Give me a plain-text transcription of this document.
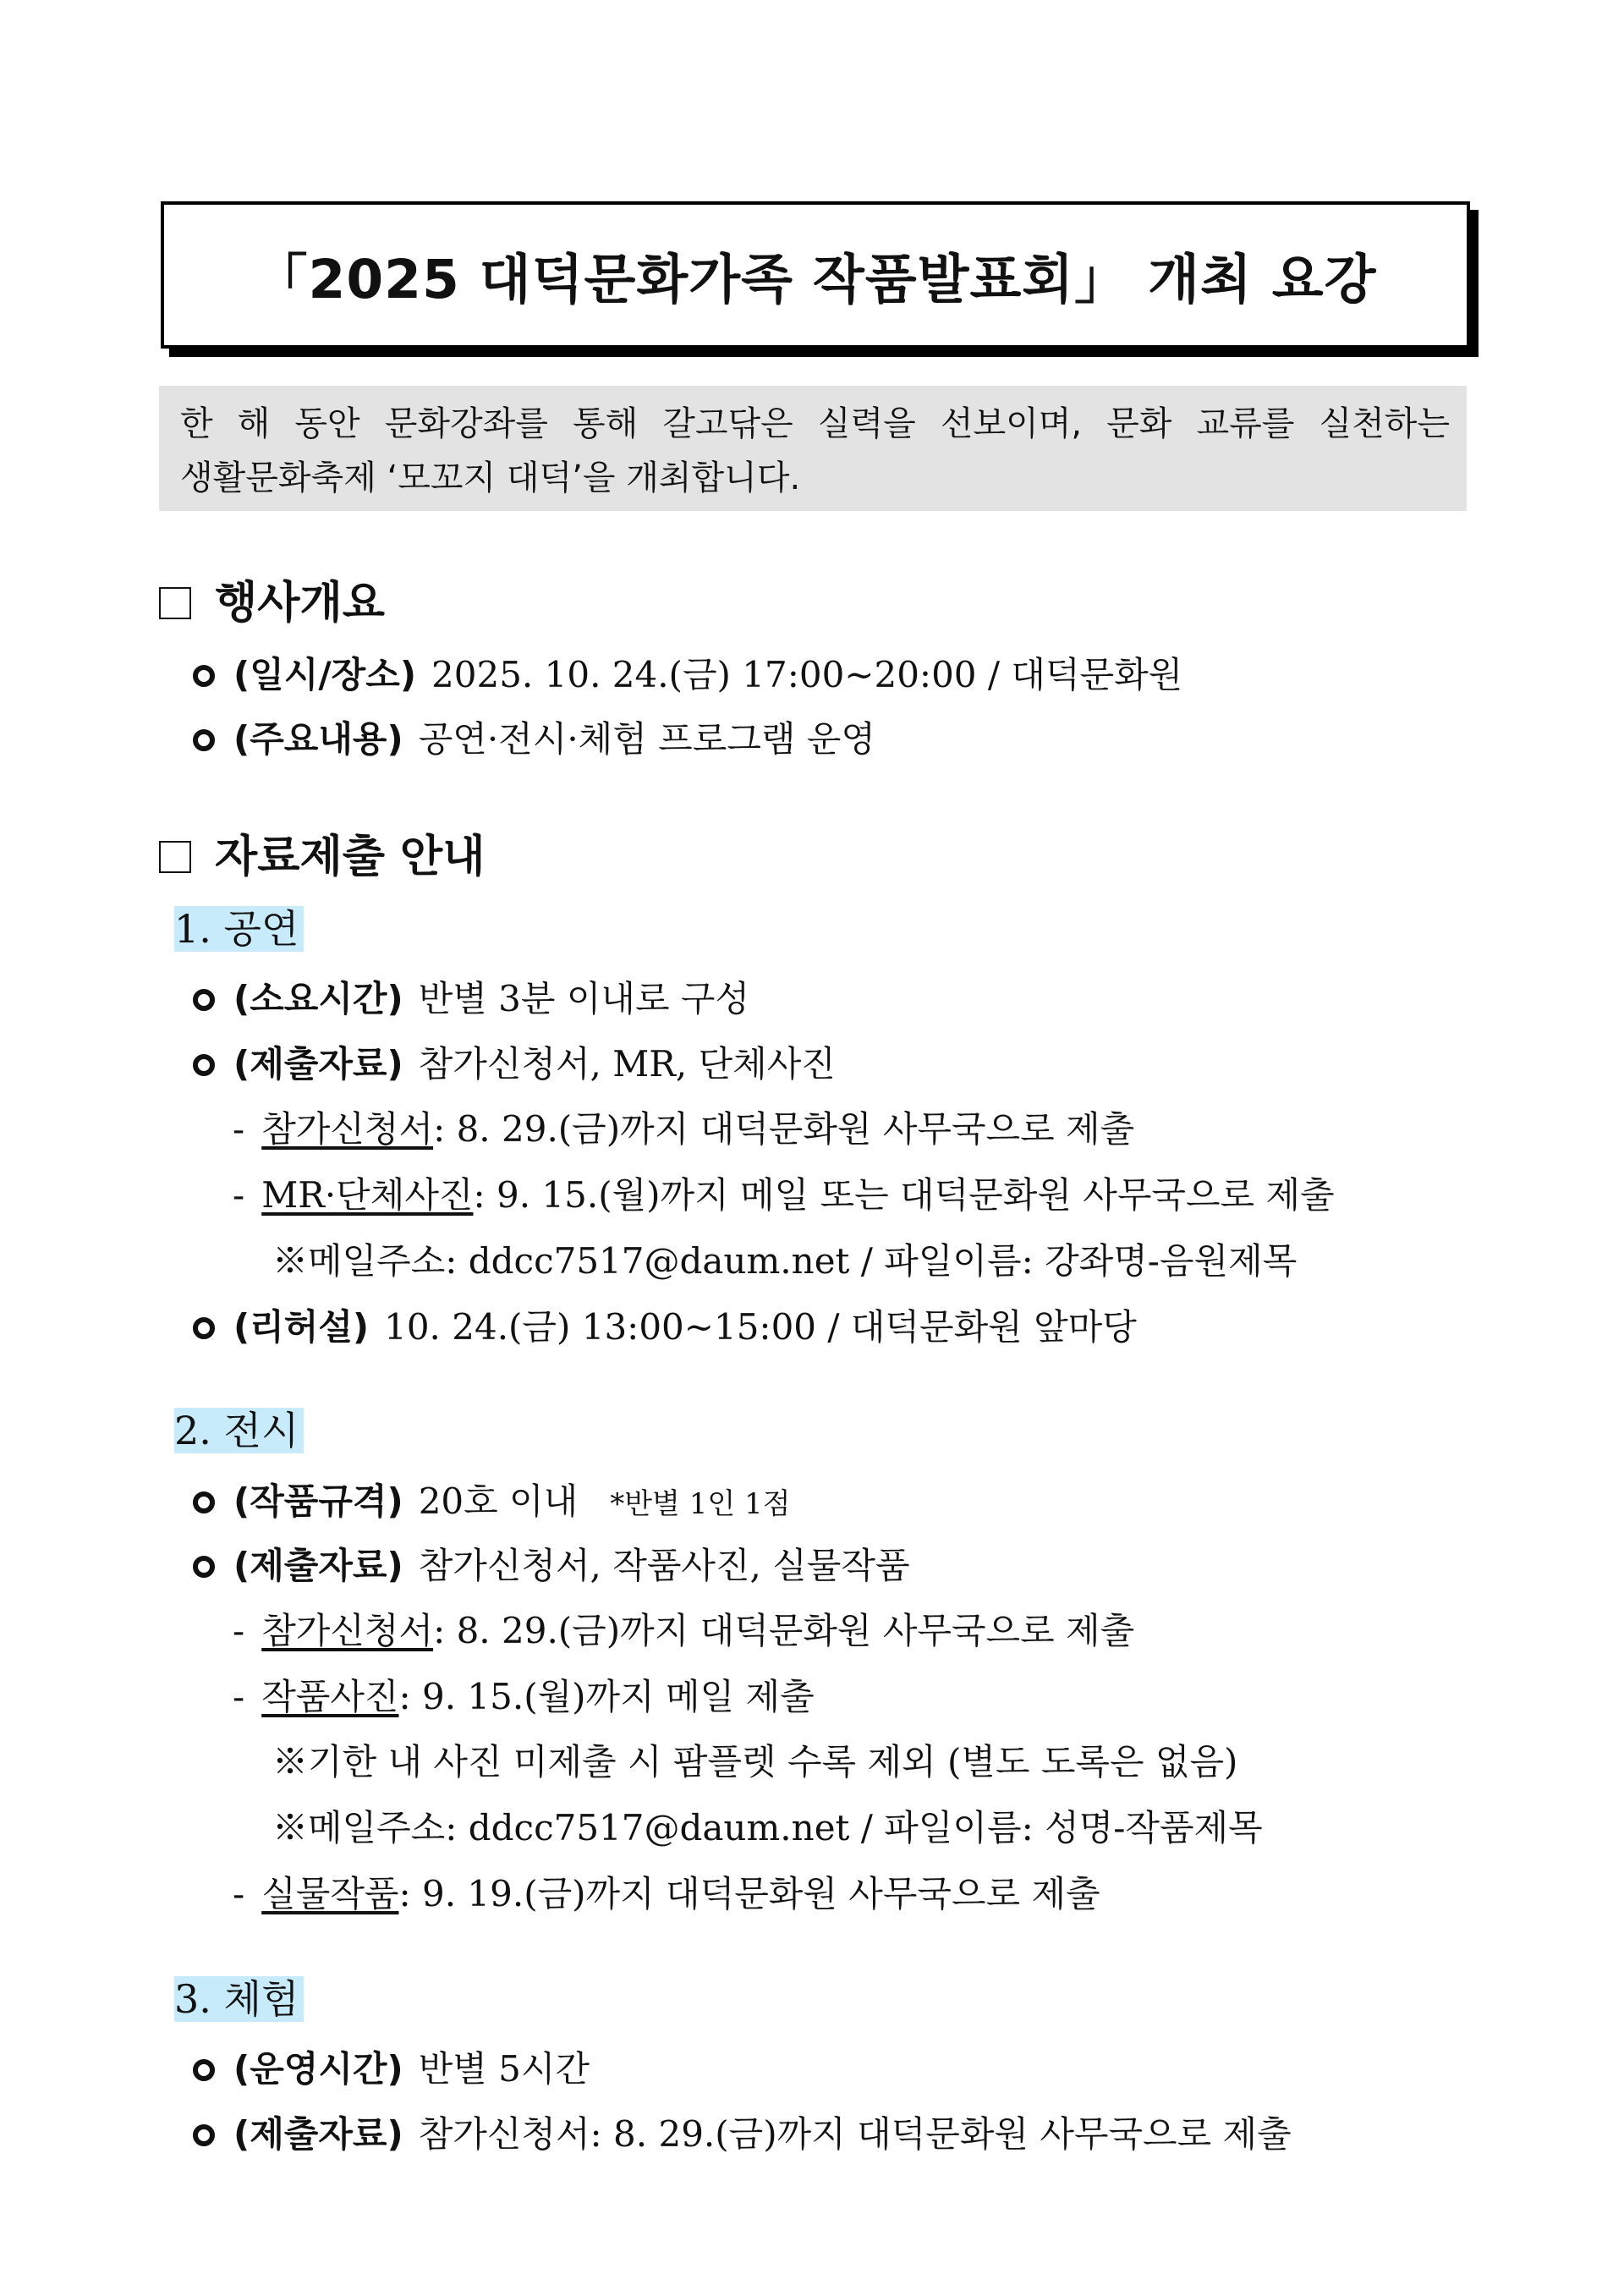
「2025 대덕문화가족 작품발표회」 개최 요강
한 해 동안 문화강좌를 통해 갈고닦은 실력을 선보이며, 문화 교류를 실천하는
생활문화축제 ‘모꼬지 대덕’을 개최합니다.
행사개요
(일시/장소) 2025. 10. 24.(금) 17:00~20:00 / 대덕문화원
(주요내용) 공연·전시·체험 프로그램 운영
자료제출 안내
1. 공연
(소요시간) 반별 3분 이내로 구성
(제출자료) 참가신청서, MR, 단체사진
- 참가신청서: 8. 29.(금)까지 대덕문화원 사무국으로 제출
- MR·단체사진: 9. 15.(월)까지 메일 또는 대덕문화원 사무국으로 제출
※메일주소: ddcc7517@daum.net / 파일이름: 강좌명-음원제목
(리허설) 10. 24.(금) 13:00~15:00 / 대덕문화원 앞마당
2. 전시
(작품규격) 20호 이내 *반별 1인 1점
(제출자료) 참가신청서, 작품사진, 실물작품
- 참가신청서: 8. 29.(금)까지 대덕문화원 사무국으로 제출
- 작품사진: 9. 15.(월)까지 메일 제출
※기한 내 사진 미제출 시 팜플렛 수록 제외 (별도 도록은 없음)
※메일주소: ddcc7517@daum.net / 파일이름: 성명-작품제목
- 실물작품: 9. 19.(금)까지 대덕문화원 사무국으로 제출
3. 체험
(운영시간) 반별 5시간
(제출자료) 참가신청서: 8. 29.(금)까지 대덕문화원 사무국으로 제출
